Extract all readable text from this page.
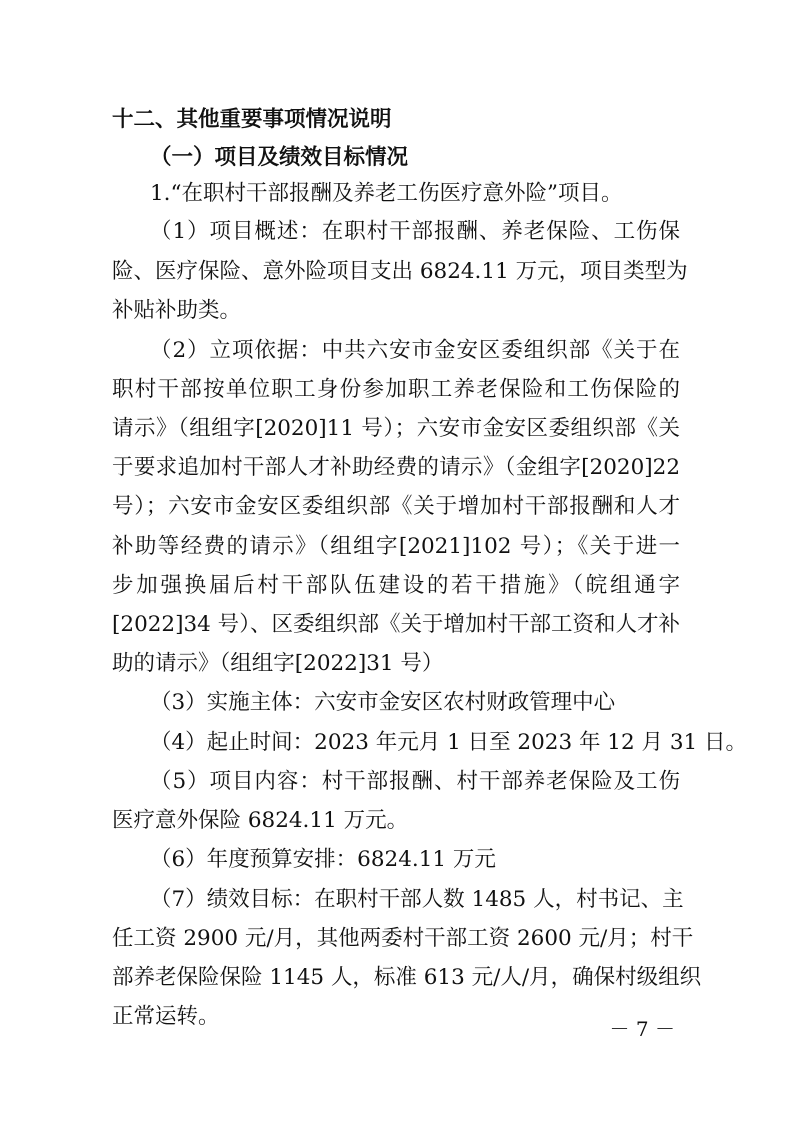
十二、其他重要事项情况说明
（一）项目及绩效目标情况
1.“在职村干部报酬及养老工伤医疗意外险”项目。
（1）项目概述：在职村干部报酬、养老保险、工伤保
险、医疗保险、意外险项目支出 6824.11 万元，项目类型为
补贴补助类。
（2）立项依据：中共六安市金安区委组织部《关于在
职村干部按单位职工身份参加职工养老保险和工伤保险的
请示》（组组字[2020]11 号）；六安市金安区委组织部《关
于要求追加村干部人才补助经费的请示》（金组字[2020]22
号）；六安市金安区委组织部《关于增加村干部报酬和人才
补助等经费的请示》（组组字[2021]102 号）；《关于进一
步加强换届后村干部队伍建设的若干措施》（皖组通字
[2022]34 号）、区委组织部《关于增加村干部工资和人才补
助的请示》（组组字[2022]31 号）
（3）实施主体：六安市金安区农村财政管理中心
（4）起止时间：2023 年元月 1 日至 2023 年 12 月 31 日。
（5）项目内容：村干部报酬、村干部养老保险及工伤
医疗意外保险 6824.11 万元。
（6）年度预算安排：6824.11 万元
（7）绩效目标：在职村干部人数 1485 人，村书记、主
任工资 2900 元/月，其他两委村干部工资 2600 元/月；村干
部养老保险保险 1145 人，标准 613 元/人/月，确保村级组织
正常运转。	－ 7 －
